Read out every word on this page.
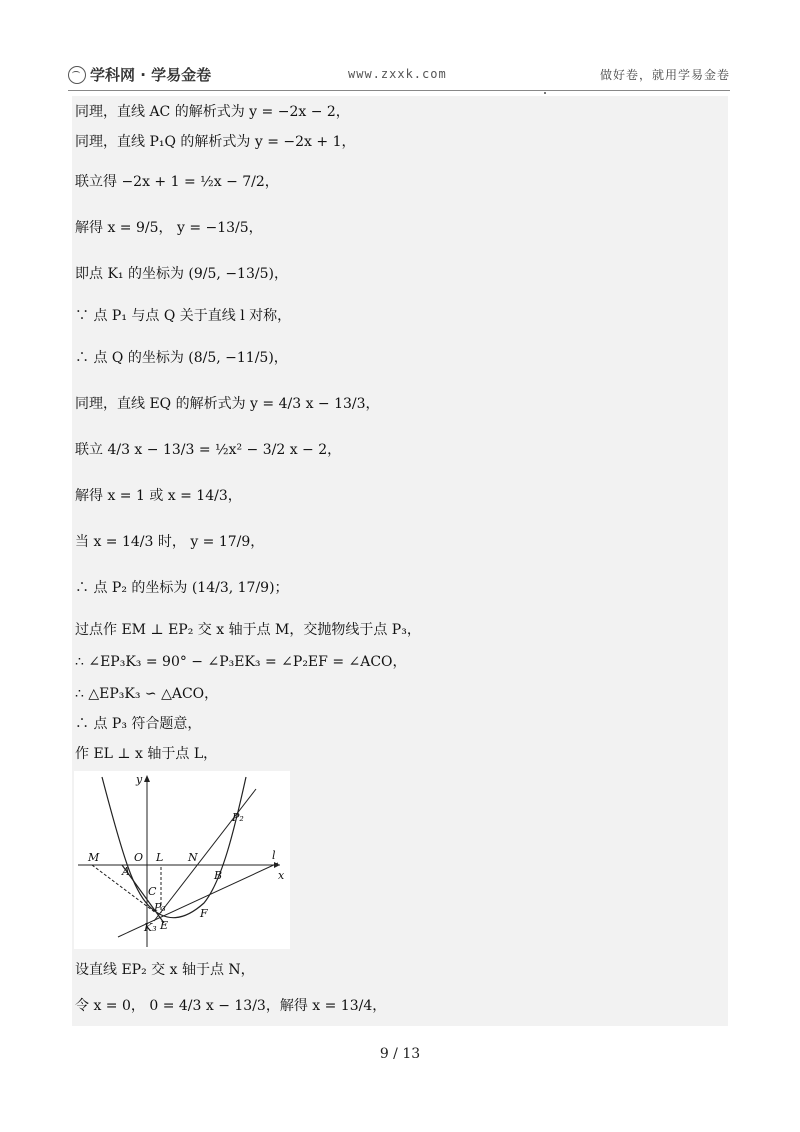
学科网 · 学易金卷	www.zxxk.com	做好卷，就用学易金卷
同理，直线 AC 的解析式为 y = −2x − 2，
同理，直线 P₁Q 的解析式为 y = −2x + 1，
联立得 −2x + 1 = ½x − 7/2，
解得 x = 9/5， y = −13/5，
即点 K₁ 的坐标为 (9/5, −13/5)，
∵ 点 P₁ 与点 Q 关于直线 l 对称，
∴ 点 Q 的坐标为 (8/5, −11/5)，
同理，直线 EQ 的解析式为 y = 4/3 x − 13/3，
联立 4/3 x − 13/3 = ½x² − 3/2 x − 2，
解得 x = 1 或 x = 14/3，
当 x = 14/3 时， y = 17/9，
∴ 点 P₂ 的坐标为 (14/3, 17/9)；
过点作 EM ⊥ EP₂ 交 x 轴于点 M，交抛物线于点 P₃，
∴ ∠EP₃K₃ = 90° − ∠P₃EK₃ = ∠P₂EF = ∠ACO，
∴ △EP₃K₃ ∽ △ACO，
∴ 点 P₃ 符合题意，
作 EL ⊥ x 轴于点 L，
y
x
l
M	O L N
A	B
C
P₂
P₃	F
K₃ E
设直线 EP₂ 交 x 轴于点 N，
令 x = 0， 0 = 4/3 x − 13/3，解得 x = 13/4，
9 / 13
